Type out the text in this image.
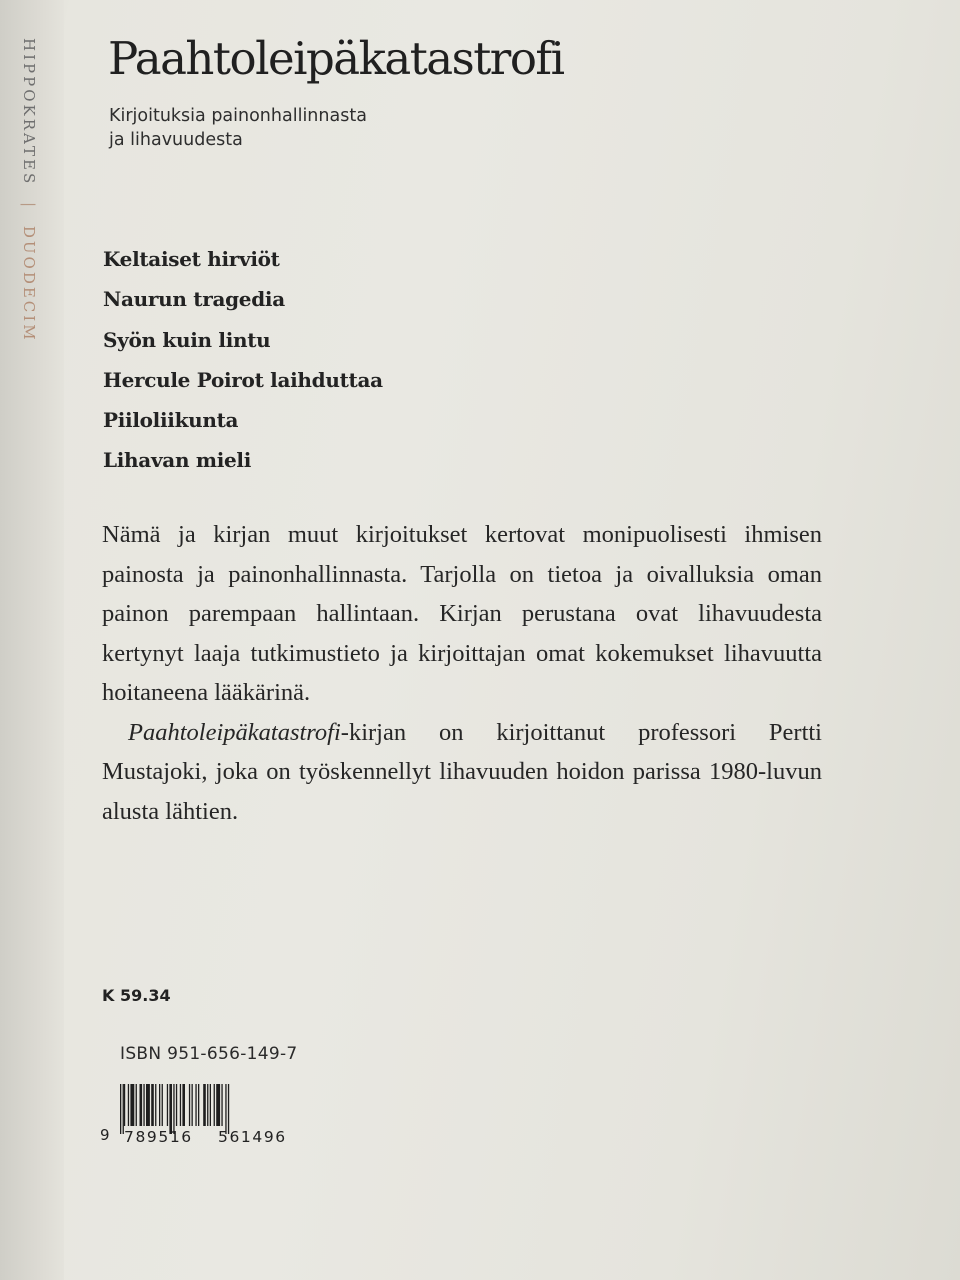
HIPPOKRATES | DUODECIM
Paahtoleipäkatastrofi
Kirjoituksia painonhallinnasta
ja lihavuudesta
Keltaiset hirviöt
Naurun tragedia
Syön kuin lintu
Hercule Poirot laihduttaa
Piiloliikunta
Lihavan mieli

Nämä ja kirjan muut kirjoitukset kertovat monipuolisesti ihmisen painosta ja painonhallinnasta. Tarjolla on tietoa ja oivalluksia oman painon parempaan hallintaan. Kirjan perustana ovat lihavuudesta kertynyt laaja tutkimustieto ja kirjoittajan omat kokemukset lihavuutta hoitaneena lääkärinä.

Paahtoleipäkatastrofi-kirjan on kirjoittanut professori Pertti Mustajoki, joka on työskennellyt lihavuuden hoidon parissa 1980-luvun alusta lähtien.

K 59.34
ISBN 951-656-149-7
9 789516 561496
